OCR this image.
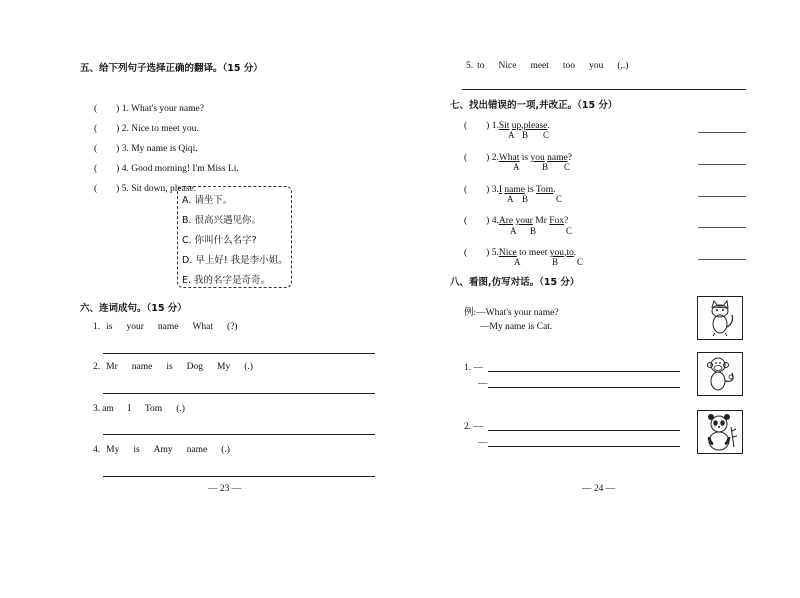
五、给下列句子选择正确的翻译。（15 分）
(　　) 1. What's your name?
(　　) 2. Nice to meet you.
(　　) 3. My name is Qiqi.
(　　) 4. Good morning! I'm Miss Li.
(　　) 5. Sit down, please.
A. 请坐下。
B. 很高兴遇见你。
C. 你叫什么名字?
D. 早上好! 我是李小姐。
E. 我的名字是奇奇。
六、连词成句。（15 分）
1. is your name What (?)
2. Mr name is Dog My (.)
3. am I Tom (.)
4. My is Amy name (.)
— 23 —
5. to Nice meet too you (,.)
七、找出错误的一项,并改正。（15 分）
(　　) 1.Sit up,please.
A B C
(　　) 2.What is you name?
A	B C
(　　) 3.I name is Tom.
A B	C
(　　) 4.Are your Mr Fox?
A B	C
(　　) 5.Nice to meet you,to.
A	B C
八、看图,仿写对话。（15 分）
例:—What's your name?
—My name is Cat.
1. —
—
2. —
—
— 24 —
